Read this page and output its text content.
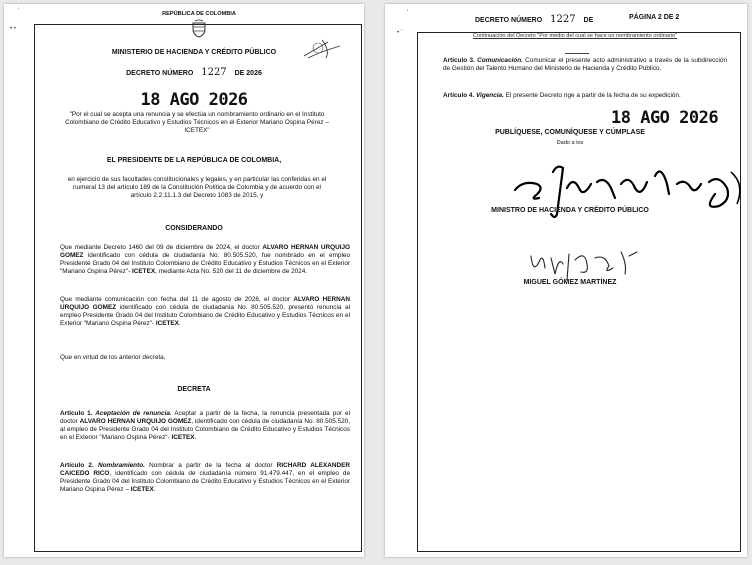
'
• •
REPÚBLICA DE COLOMBIA
MINISTERIO DE HACIENDA Y CRÉDITO PÚBLICO
DECRETO NÚMERO 1227 DE 2026
18 AGO 2026
"Por el cual se acepta una renuncia y se efectúa un nombramiento ordinario en el Instituto Colombiano de Crédito Educativo y Estudios Técnicos en el Exterior Mariano Ospina Pérez – ICETEX"
EL PRESIDENTE DE LA REPÚBLICA DE COLOMBIA,
en ejercicio de sus facultades constitucionales y legales, y en particular las conferidas en el numeral 13 del artículo 189 de la Constitución Política de Colombia y de acuerdo con el artículo 2.2.11.1.3 del Decreto 1083 de 2015, y
CONSIDERANDO
Que mediante Decreto 1460 del 09 de diciembre de 2024, el doctor ALVARO HERNAN URQUIJO GOMEZ identificado con cédula de ciudadanía No. 80.505.520, fue nombrado en el empleo Presidente Grado 04 del Instituto Colombiano de Crédito Educativo y Estudios Técnicos en el Exterior "Mariano Ospina Pérez"- ICETEX, mediante Acta No. 520 del 11 de diciembre de 2024.
Que mediante comunicación con fecha del 11 de agosto de 2026, el doctor ALVARO HERNAN URQUIJO GOMEZ identificado con cédula de ciudadanía No. 80.505.520, presentó renuncia al empleo Presidente Grado 04 del Instituto Colombiano de Crédito Educativo y Estudios Técnicos en el Exterior "Mariano Ospina Pérez"- ICETEX.
Que en virtud de los anterior decreta,
DECRETA
Artículo 1. Aceptación de renuncia. Aceptar a partir de la fecha, la renuncia presentada por el doctor ALVARO HERNAN URQUIJO GOMEZ, identificado con cédula de ciudadanía No. 80.505.520, al empleo de Presidente Grado 04 del Instituto Colombiano de Crédito Educativo y Estudios Técnicos en el Exterior "Mariano Ospina Pérez"- ICETEX.
Artículo 2. Nombramiento. Nombrar a partir de la fecha al doctor RICHARD ALEXANDER CAICEDO RICO, identificado con cédula de ciudadanía número 91.479.447, en el empleo de Presidente Grado 04 del Instituto Colombiano de Crédito Educativo y Estudios Técnicos en el Exterior Mariano Ospina Pérez – ICETEX.
'
• ´
DECRETO NÚMERO 1227 DE	PÁGINA 2 DE 2
Continuación del Decreto "Por medio del cual se hace un nombramiento ordinario"
Artículo 3. Comunicación. Comunicar el presente acto administrativo a través de la subdirección de Gestión del Talento Humano del Ministerio de Hacienda y Crédito Público.
Artículo 4. Vigencia. El presente Decreto rige a partir de la fecha de su expedición.
18 AGO 2026
PUBLÍQUESE, COMUNÍQUESE Y CÚMPLASE
Dado a los
MINISTRO DE HACIENDA Y CRÉDITO PÚBLICO
MIGUEL GÓMEZ MARTÍNEZ
